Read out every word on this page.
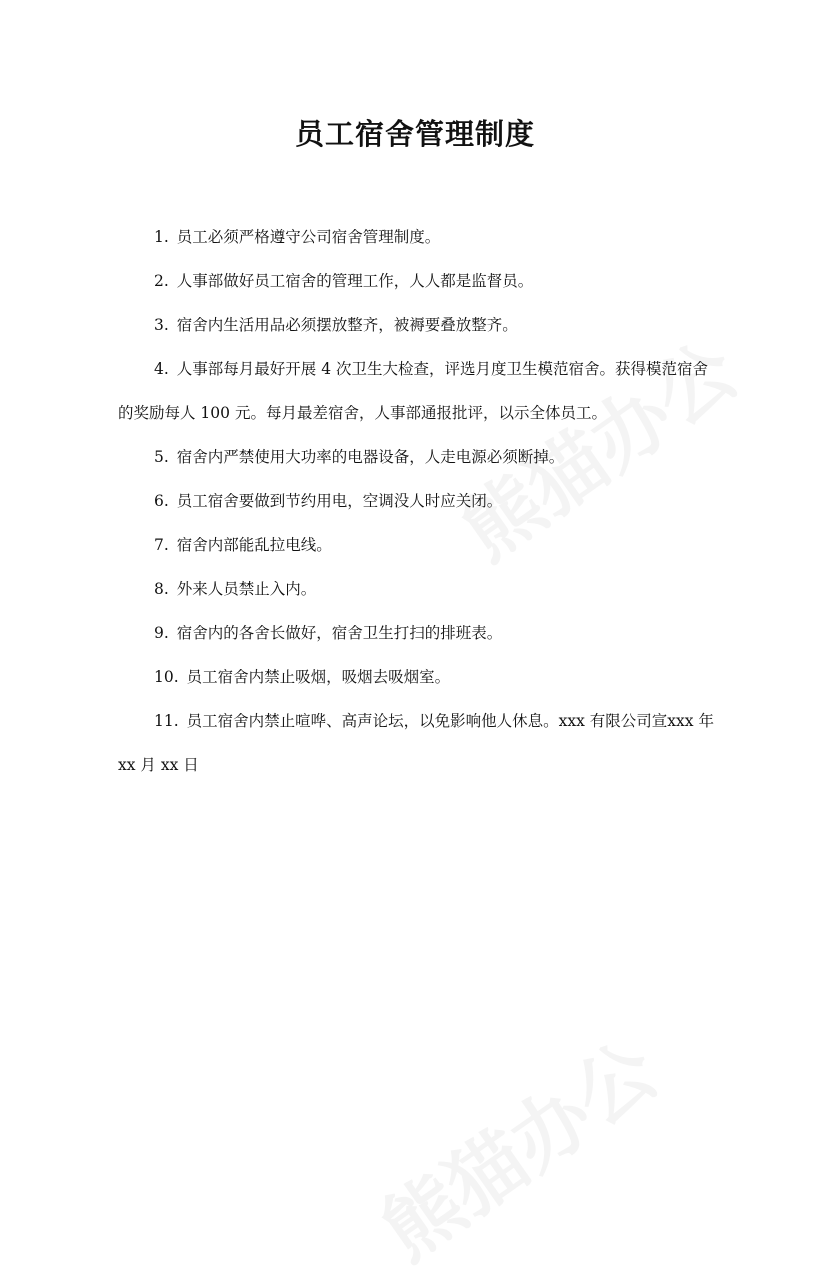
员工宿舍管理制度

1. 员工必须严格遵守公司宿舍管理制度。

2. 人事部做好员工宿舍的管理工作，人人都是监督员。

3. 宿舍内生活用品必须摆放整齐，被褥要叠放整齐。

4. 人事部每月最好开展 4 次卫生大检查，评选月度卫生模范宿舍。获得模范宿舍的奖励每人 100 元。每月最差宿舍，人事部通报批评，以示全体员工。

5. 宿舍内严禁使用大功率的电器设备，人走电源必须断掉。

6. 员工宿舍要做到节约用电，空调没人时应关闭。

7. 宿舍内部能乱拉电线。

8. 外来人员禁止入内。

9. 宿舍内的各舍长做好，宿舍卫生打扫的排班表。

10. 员工宿舍内禁止吸烟，吸烟去吸烟室。

11. 员工宿舍内禁止喧哗、高声论坛，以免影响他人休息。xxx 有限公司宣xxx 年 xx 月 xx 日
